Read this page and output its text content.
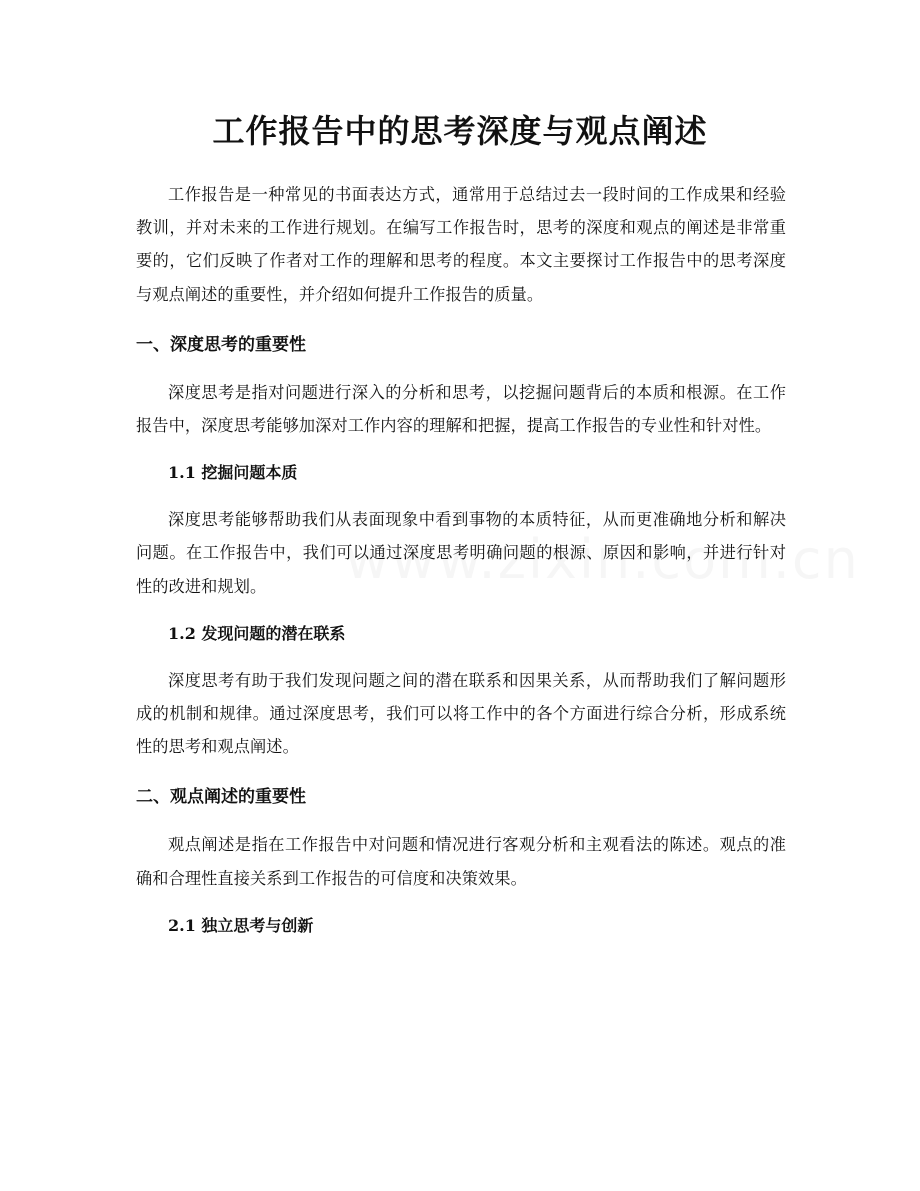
工作报告中的思考深度与观点阐述

工作报告是一种常见的书面表达方式，通常用于总结过去一段时间的工作成果和经验教训，并对未来的工作进行规划。在编写工作报告时，思考的深度和观点的阐述是非常重要的，它们反映了作者对工作的理解和思考的程度。本文主要探讨工作报告中的思考深度与观点阐述的重要性，并介绍如何提升工作报告的质量。

一、深度思考的重要性

深度思考是指对问题进行深入的分析和思考，以挖掘问题背后的本质和根源。在工作报告中，深度思考能够加深对工作内容的理解和把握，提高工作报告的专业性和针对性。

1.1 挖掘问题本质

深度思考能够帮助我们从表面现象中看到事物的本质特征，从而更准确地分析和解决问题。在工作报告中，我们可以通过深度思考明确问题的根源、原因和影响，并进行针对性的改进和规划。

1.2 发现问题的潜在联系

深度思考有助于我们发现问题之间的潜在联系和因果关系，从而帮助我们了解问题形成的机制和规律。通过深度思考，我们可以将工作中的各个方面进行综合分析，形成系统性的思考和观点阐述。

二、观点阐述的重要性

观点阐述是指在工作报告中对问题和情况进行客观分析和主观看法的陈述。观点的准确和合理性直接关系到工作报告的可信度和决策效果。

2.1 独立思考与创新
